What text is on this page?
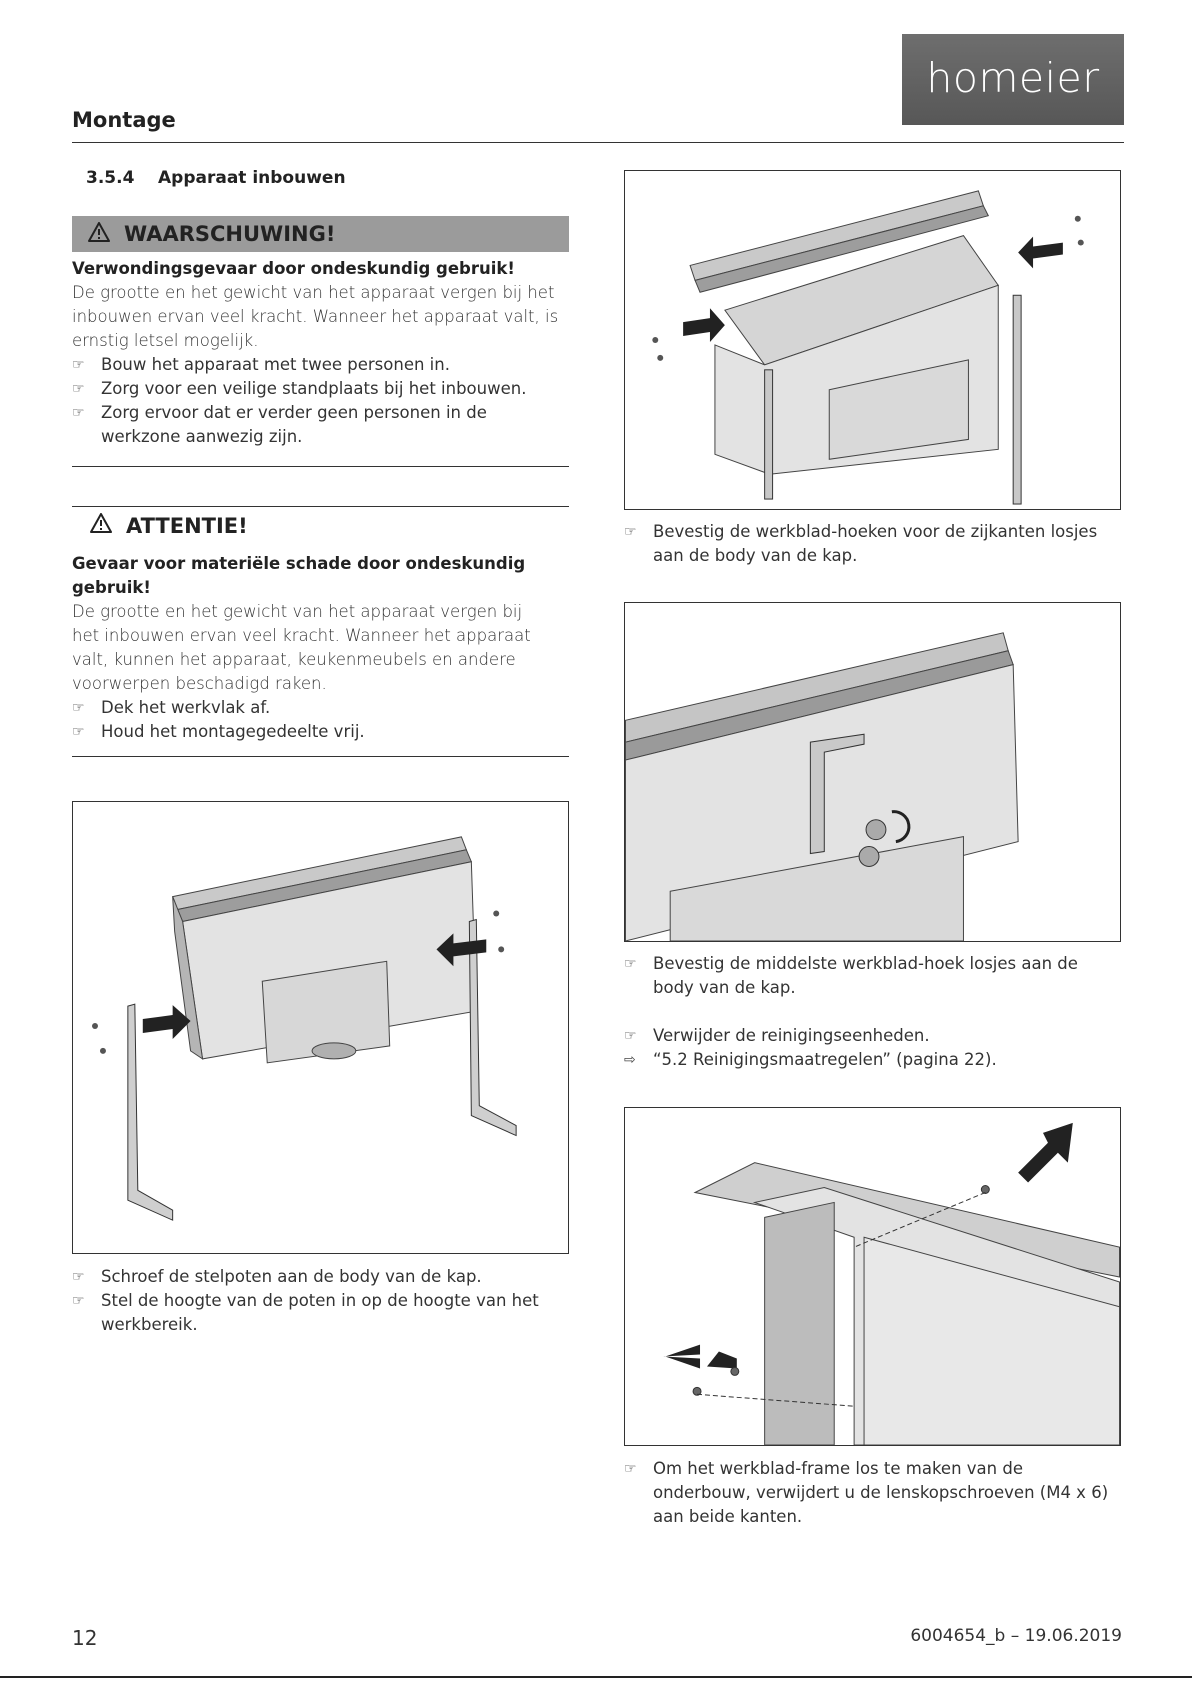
homeier
Montage
3.5.4 Apparaat inbouwen
WAARSCHUWING!
Verwondingsgevaar door ondeskundig gebruik!
De grootte en het gewicht van het apparaat vergen bij het inbouwen ervan veel kracht. Wanneer het apparaat valt, is ernstig letsel mogelijk.
☞ Bouw het apparaat met twee personen in.
☞ Zorg voor een veilige standplaats bij het inbouwen.
☞ Zorg ervoor dat er verder geen personen in de werkzone aanwezig zijn.
ATTENTIE!
Gevaar voor materiële schade door ondeskundig gebruik!
De grootte en het gewicht van het apparaat vergen bij het inbouwen ervan veel kracht. Wanneer het apparaat valt, kunnen het apparaat, keukenmeubels en andere voorwerpen beschadigd raken.
☞ Dek het werkvlak af.
☞ Houd het montagegedeelte vrij.
☞ Schroef de stelpoten aan de body van de kap.
☞ Stel de hoogte van de poten in op de hoogte van het werkbereik.
☞ Bevestig de werkblad-hoeken voor de zijkanten losjes aan de body van de kap.
☞ Bevestig de middelste werkblad-hoek losjes aan de body van de kap.
☞ Verwijder de reinigingseenheden.
⇨ “5.2 Reinigingsmaatregelen” (pagina 22).
☞ Om het werkblad-frame los te maken van de onderbouw, verwijdert u de lenskopschroeven (M4 x 6) aan beide kanten.
12	6004654_b – 19.06.2019
